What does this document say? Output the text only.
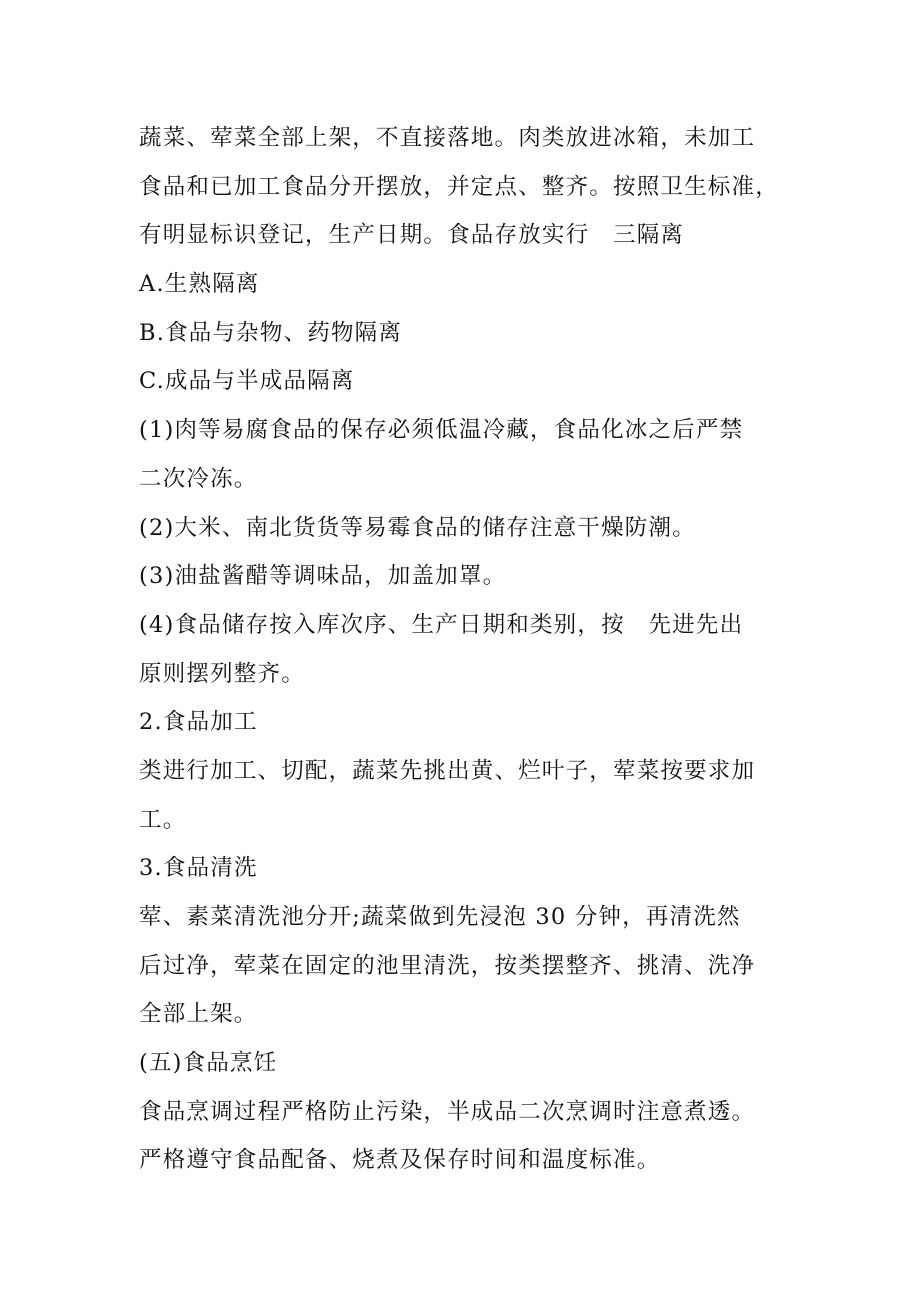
蔬菜、荤菜全部上架，不直接落地。肉类放进冰箱，未加工
食品和已加工食品分开摆放，并定点、整齐。按照卫生标准，
有明显标识登记，生产日期。食品存放实行　三隔离
A.生熟隔离
B.食品与杂物、药物隔离
C.成品与半成品隔离
(1)肉等易腐食品的保存必须低温冷藏，食品化冰之后严禁
二次冷冻。
(2)大米、南北货货等易霉食品的储存注意干燥防潮。
(3)油盐酱醋等调味品，加盖加罩。
(4)食品储存按入库次序、生产日期和类别，按　先进先出
原则摆列整齐。
2.食品加工
类进行加工、切配，蔬菜先挑出黄、烂叶子，荤菜按要求加
工。
3.食品清洗
荤、素菜清洗池分开;蔬菜做到先浸泡 30 分钟，再清洗然
后过净，荤菜在固定的池里清洗，按类摆整齐、挑清、洗净
全部上架。
(五)食品烹饪
食品烹调过程严格防止污染，半成品二次烹调时注意煮透。
严格遵守食品配备、烧煮及保存时间和温度标准。
